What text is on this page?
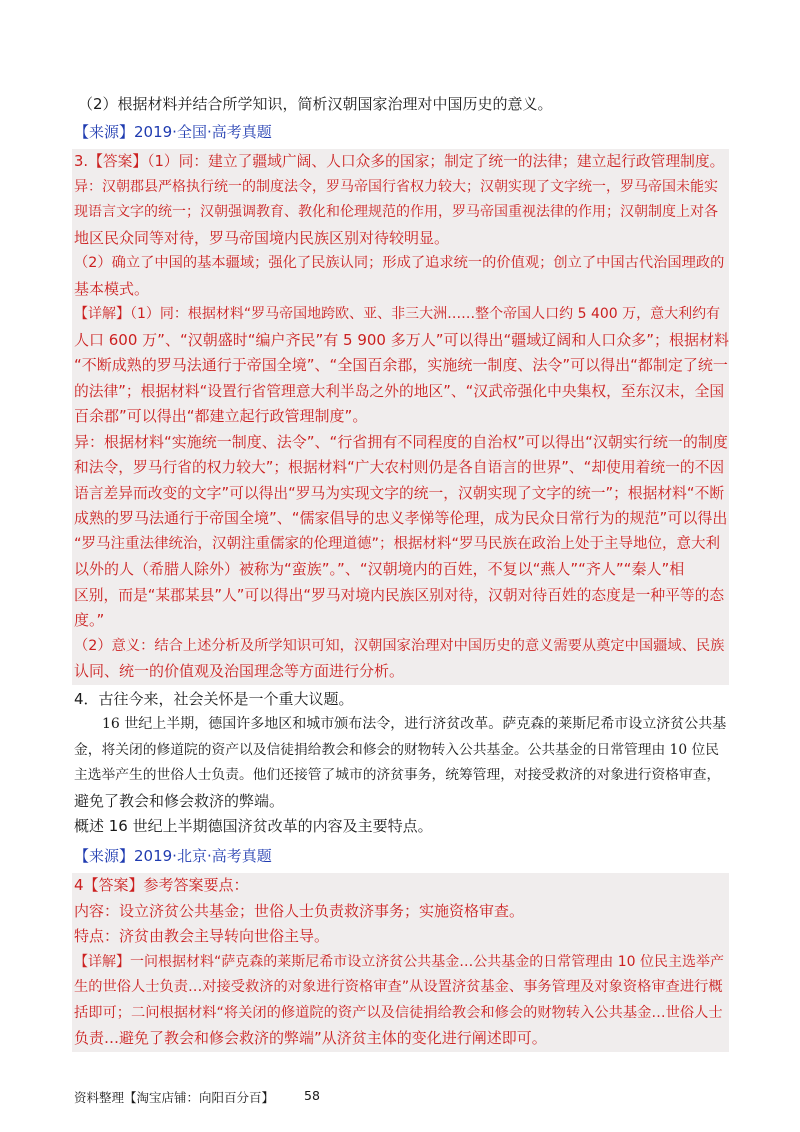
（2）根据材料并结合所学知识，简析汉朝国家治理对中国历史的意义。
【来源】2019·全国·高考真题
3.【答案】（1）同：建立了疆域广阔、人口众多的国家；制定了统一的法律；建立起行政管理制度。
异：汉朝郡县严格执行统一的制度法令，罗马帝国行省权力较大；汉朝实现了文字统一，罗马帝国未能实
现语言文字的统一；汉朝强调教育、教化和伦理规范的作用，罗马帝国重视法律的作用；汉朝制度上对各
地区民众同等对待，罗马帝国境内民族区别对待较明显。
（2）确立了中国的基本疆域；强化了民族认同；形成了追求统一的价值观；创立了中国古代治国理政的
基本模式。
【详解】（1）同：根据材料“罗马帝国地跨欧、亚、非三大洲……整个帝国人口约 5 400 万，意大利约有
人口 600 万”、“汉朝盛时“编户齐民”有 5 900 多万人”可以得出“疆域辽阔和人口众多”；根据材料
“不断成熟的罗马法通行于帝国全境”、“全国百余郡，实施统一制度、法令”可以得出“都制定了统一
的法律”；根据材料“设置行省管理意大利半岛之外的地区”、“汉武帝强化中央集权，至东汉末，全国
百余郡”可以得出“都建立起行政管理制度”。
异：根据材料“实施统一制度、法令”、“行省拥有不同程度的自治权”可以得出“汉朝实行统一的制度
和法令，罗马行省的权力较大”；根据材料“广大农村则仍是各自语言的世界”、“却使用着统一的不因
语言差异而改变的文字”可以得出“罗马为实现文字的统一，汉朝实现了文字的统一”；根据材料“不断
成熟的罗马法通行于帝国全境”、“儒家倡导的忠义孝悌等伦理，成为民众日常行为的规范”可以得出
“罗马注重法律统治，汉朝注重儒家的伦理道德”；根据材料“罗马民族在政治上处于主导地位，意大利
以外的人（希腊人除外）被称为“蛮族”。”、“汉朝境内的百姓，不复以“燕人”“齐人”“秦人”相
区别，而是“某郡某县”人”可以得出“罗马对境内民族区别对待，汉朝对待百姓的态度是一种平等的态
度。”
（2）意义：结合上述分析及所学知识可知，汉朝国家治理对中国历史的意义需要从奠定中国疆域、民族
认同、统一的价值观及治国理念等方面进行分析。
4．古往今来，社会关怀是一个重大议题。
16 世纪上半期，德国许多地区和城市颁布法令，进行济贫改革。萨克森的莱斯尼希市设立济贫公共基
金，将关闭的修道院的资产以及信徒捐给教会和修会的财物转入公共基金。公共基金的日常管理由 10 位民
主选举产生的世俗人士负责。他们还接管了城市的济贫事务，统筹管理，对接受救济的对象进行资格审查，
避免了教会和修会救济的弊端。
概述 16 世纪上半期德国济贫改革的内容及主要特点。
【来源】2019·北京·高考真题
4【答案】参考答案要点：
内容：设立济贫公共基金；世俗人士负责救济事务；实施资格审查。
特点：济贫由教会主导转向世俗主导。
【详解】一问根据材料“萨克森的莱斯尼希市设立济贫公共基金…公共基金的日常管理由 10 位民主选举产
生的世俗人士负责…对接受救济的对象进行资格审查”从设置济贫基金、事务管理及对象资格审查进行概
括即可；二问根据材料“将关闭的修道院的资产以及信徒捐给教会和修会的财物转入公共基金…世俗人士
负责…避免了教会和修会救济的弊端”从济贫主体的变化进行阐述即可。
资料整理【淘宝店铺：向阳百分百】 58
